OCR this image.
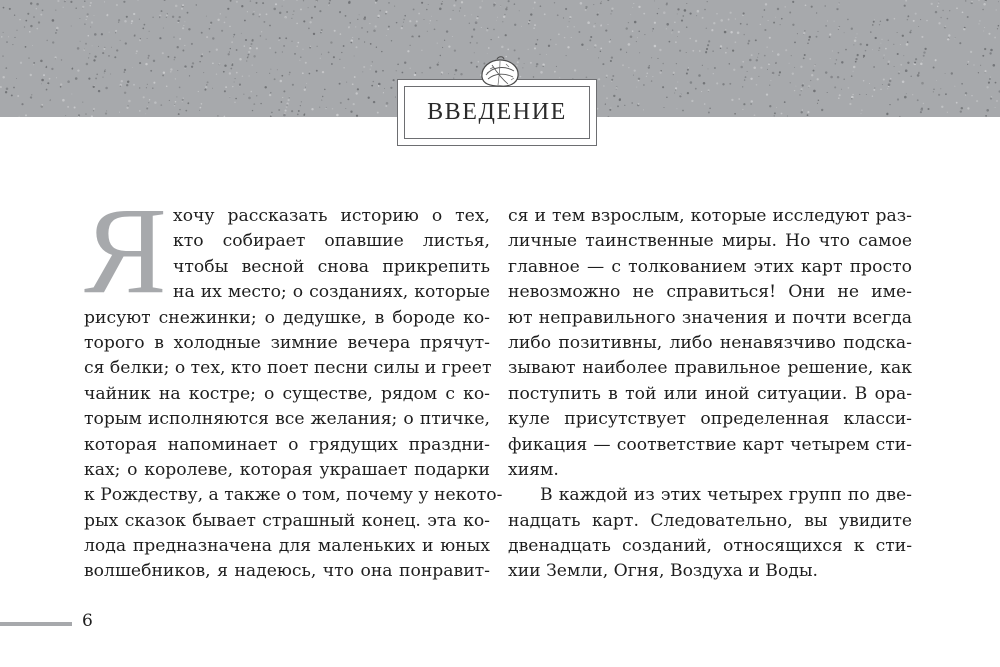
ВВЕДЕНИЕ
Я хочу рассказать историю о тех,
кто собирает опавшие листья,
чтобы весной снова прикрепить
на их место; о созданиях, которые
рисуют снежинки; о дедушке, в бороде ко-
торого в холодные зимние вечера прячут-
ся белки; о тех, кто поет песни силы и греет
чайник на костре; о существе, рядом с ко-
торым исполняются все желания; о птичке,
которая напоминает о грядущих праздни-
ках; о королеве, которая украшает подарки
к Рождеству, а также о том, почему у некото-
рых сказок бывает страшный конец. эта ко-
лода предназначена для маленьких и юных
волшебников, я надеюсь, что она понравит-
ся и тем взрослым, которые исследуют раз-
личные таинственные миры. Но что самое
главное — с толкованием этих карт просто
невозможно не справиться! Они не име-
ют неправильного значения и почти всегда
либо позитивны, либо ненавязчиво подска-
зывают наиболее правильное решение, как
поступить в той или иной ситуации. В ора-
куле присутствует определенная класси-
фикация — соответствие карт четырем сти-
хиям.
В каждой из этих четырех групп по две-
надцать карт. Следовательно, вы увидите
двенадцать созданий, относящихся к сти-
хии Земли, Огня, Воздуха и Воды.
6
